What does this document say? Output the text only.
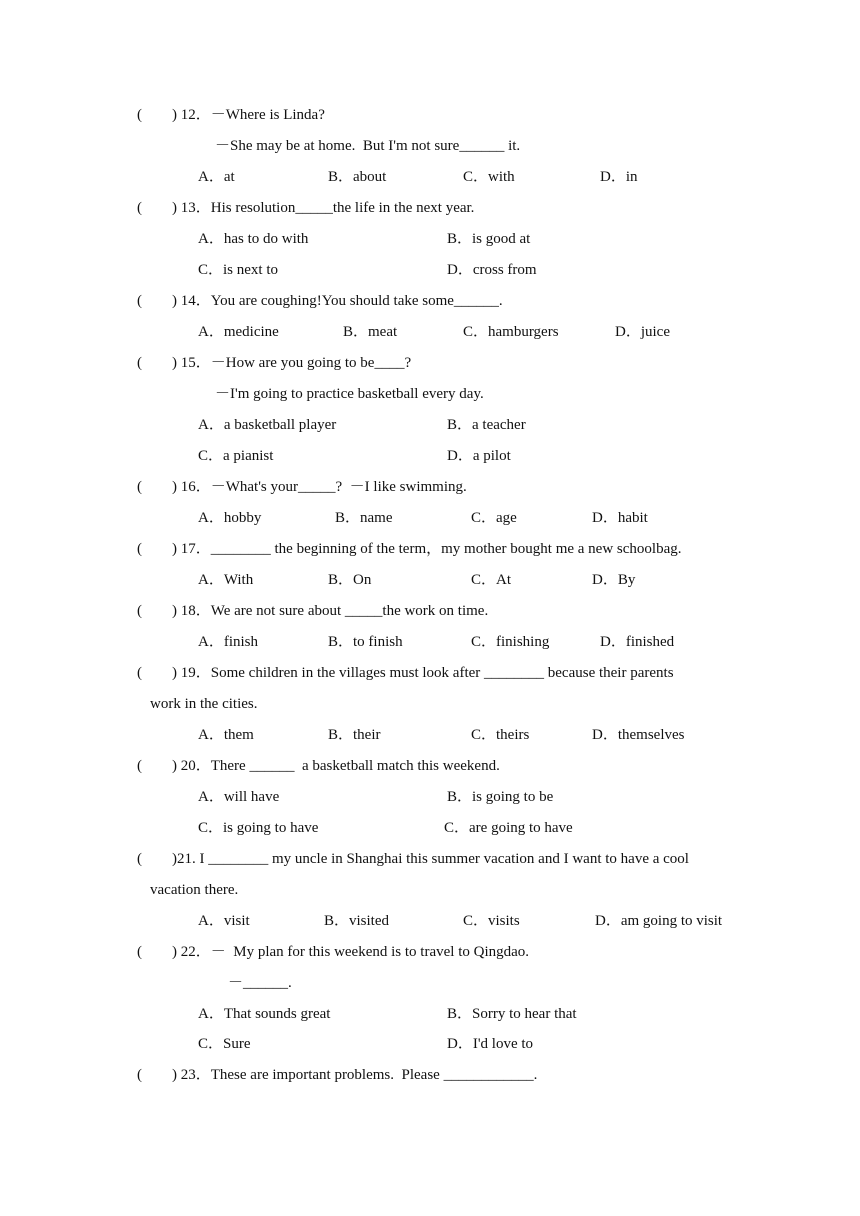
(        ) 12．－Where is Linda?
－She may be at home.  But I'm not sure______ it.
A．at	B．about	C．with	D．in
(        ) 13．His resolution_____the life in the next year.
A．has to do with	B．is good at
C．is next to	D．cross from
(        ) 14．You are coughing!You should take some______.
A．medicine	B．meat	C．hamburgers	D．juice
(        ) 15．－How are you going to be____?
－I'm going to practice basketball every day.
A．a basketball player	B．a teacher
C．a pianist	D．a pilot
(        ) 16．－What's your_____?  －I like swimming.
A．hobby	B．name	C．age	D．habit
(        ) 17．________ the beginning of the term，my mother bought me a new schoolbag.
A．With	B．On	C．At	D．By
(        ) 18．We are not sure about _____the work on time.
A．finish	B．to finish	C．finishing	D．finished
(        ) 19．Some children in the villages must look after ________ because their parents
work in the cities.
A．them	B．their	C．theirs	D．themselves
(        ) 20．There ______  a basketball match this weekend.
A．will have	B．is going to be
C．is going to have	C．are going to have
(        )21. I ________ my uncle in Shanghai this summer vacation and I want to have a cool
vacation there.
A．visit	B．visited	C．visits	D．am going to visit
(        ) 22．－  My plan for this weekend is to travel to Qingdao.
－______.
A．That sounds great	B．Sorry to hear that
C．Sure	D．I'd love to
(        ) 23．These are important problems.  Please ____________.
